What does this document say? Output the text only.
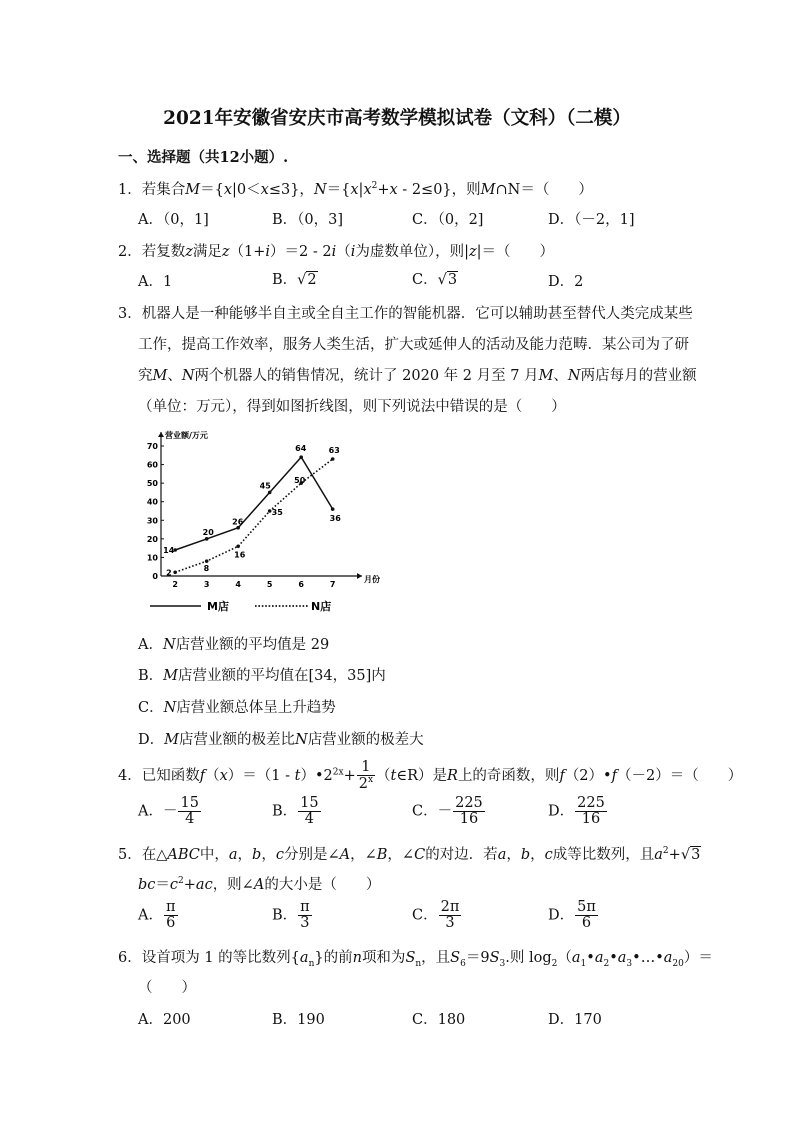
2021年安徽省安庆市高考数学模拟试卷（文科）（二模）
一、选择题（共12小题）.
1．若集合M＝{x|0＜x≤3}，$N=\{x|x^2+x - 2\le 0\}$，则M∩N＝（　　）
A．（0，1]	B．（0，3]	C．（0，2]	D．（－2，1]
2．若复数z满足z（1+i）＝2 - 2i（i为虚数单位），则|z|＝（　　）
A．1	B．√2	C．√3	D．2
3．机器人是一种能够半自主或全自主工作的智能机器．它可以辅助甚至替代人类完成某些
工作，提高工作效率，服务人类生活，扩大或延伸人的活动及能力范畴．某公司为了研
究M、N两个机器人的销售情况，统计了 2020 年 2 月至 7 月M、N两店每月的营业额
（单位：万元），得到如图折线图，则下列说法中错误的是（　　）
营业额/万元
月份
0
10
20
30
40
50
60
70
2	3	4	5	6	7
14
20
26
45
64
36
2	8
16
35
50
63
M店	N店
A．N店营业额的平均值是 29
B．M店营业额的平均值在[34，35]内
C．N店营业额总体呈上升趋势
D．M店营业额的极差比N店营业额的极差大
4．已知函数$f(x)=(1 - t)•2^{2x}+ \frac{1}{2^x}$ （t∈R）是R上的奇函数，则f（2）•f（－2）＝（　　）
A．－ $\frac{15}{4}$	B． $\frac{15}{4}$	C．－ $\frac{225}{16}$	D． $\frac{225}{16}$
5．在△ABC中，a，b，c分别是∠A，∠B，∠C的对边．若a，b，c成等比数列，且$a^2+√3$
$bc=c^2+ac$，则∠A的大小是（　　）
A． $\frac{\pi}{6}$	B． $\frac{\pi}{3}$	C． $\frac{2\pi}{3}$	D． $\frac{5\pi}{6}$
6．设首项为 1 的等比数列$\{a_n\}$的前n项和为$S_n$，且$S_6=9S_3$.则 $\log_2(a_1•a_2•a_3•\dots•a_{20})=$
（　　）
A．200	B．190	C．180	D．170
